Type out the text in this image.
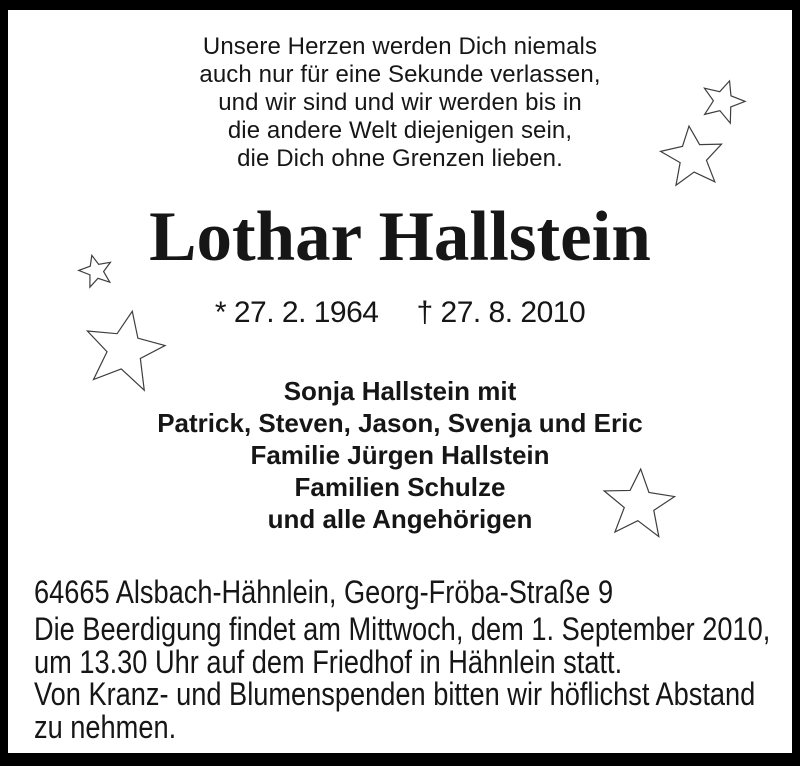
Unsere Herzen werden Dich niemals
auch nur für eine Sekunde verlassen,
und wir sind und wir werden bis in
die andere Welt diejenigen sein,
die Dich ohne Grenzen lieben.
Lothar Hallstein
* 27. 2. 1964 † 27. 8. 2010
Sonja Hallstein mit
Patrick, Steven, Jason, Svenja und Eric
Familie Jürgen Hallstein
Familien Schulze
und alle Angehörigen
64665 Alsbach-Hähnlein, Georg-Fröba-Straße 9
Die Beerdigung findet am Mittwoch, dem 1. September 2010,
um 13.30 Uhr auf dem Friedhof in Hähnlein statt.
Von Kranz- und Blumenspenden bitten wir höflichst Abstand
zu nehmen.
